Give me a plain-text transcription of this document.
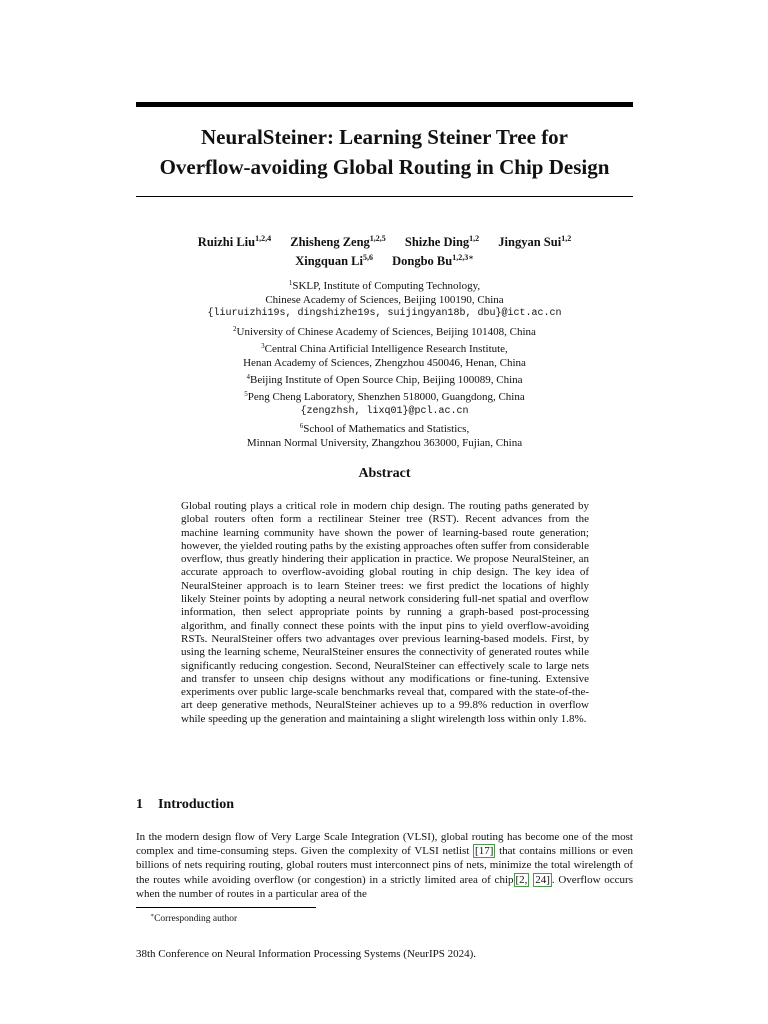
NeuralSteiner: Learning Steiner Tree for
Overflow-avoiding Global Routing in Chip Design
Ruizhi Liu$^{1,2,4}$ Zhisheng Zeng$^{1,2,5}$ Shizhe Ding$^{1,2}$ Jingyan Sui$^{1,2}$
Xingquan Li$^{5,6}$ Dongbo $Bu^{1,2,3∗}$
$^1$SKLP, Institute of Computing Technology,
Chinese Academy of Sciences, Beijing 100190, China
{liuruizhi19s, dingshizhe19s, suijingyan18b, dbu}@ict.ac.cn
$^2$University of Chinese Academy of Sciences, Beijing 101408, China
$^3$Central China Artificial Intelligence Research Institute,
Henan Academy of Sciences, Zhengzhou 450046, Henan, China
$^4$Beijing Institute of Open Source Chip, Beijing 100089, China
$^5$Peng Cheng Laboratory, Shenzhen 518000, Guangdong, China
{zengzhsh, lixq01}@pcl.ac.cn
$^6$School of Mathematics and Statistics,
Minnan Normal University, Zhangzhou 363000, Fujian, China
Abstract

Global routing plays a critical role in modern chip design. The routing paths generated by global routers often form a rectilinear Steiner tree (RST). Recent advances from the machine learning community have shown the power of learning-based route generation; however, the yielded routing paths by the existing approaches often suffer from considerable overflow, thus greatly hindering their application in practice. We propose NeuralSteiner, an accurate approach to overflow-avoiding global routing in chip design. The key idea of NeuralSteiner approach is to learn Steiner trees: we first predict the locations of highly likely Steiner points by adopting a neural network considering full-net spatial and overflow information, then select appropriate points by running a graph-based post-processing algorithm, and finally connect these points with the input pins to yield overflow-avoiding RSTs. NeuralSteiner offers two advantages over previous learning-based models. First, by using the learning scheme, NeuralSteiner ensures the connectivity of generated routes while significantly reducing congestion. Second, NeuralSteiner can effectively scale to large nets and transfer to unseen chip designs without any modifications or fine-tuning. Extensive experiments over public large-scale benchmarks reveal that, compared with the state-of-the-art deep generative methods, NeuralSteiner achieves up to a 99.8% reduction in overflow while speeding up the generation and maintaining a slight wirelength loss within only 1.8%.

1 Introduction

In the modern design flow of Very Large Scale Integration (VLSI), global routing has become one of the most complex and time-consuming steps. Given the complexity of VLSI netlist [17] that contains millions or even billions of nets requiring routing, global routers must interconnect pins of nets, minimize the total wirelength of the routes while avoiding overflow (or congestion) in a strictly limited area of chip [2, 24] . Overflow occurs when the number of routes in a particular area of the

∗Corresponding author
38th Conference on Neural Information Processing Systems (NeurIPS 2024).
